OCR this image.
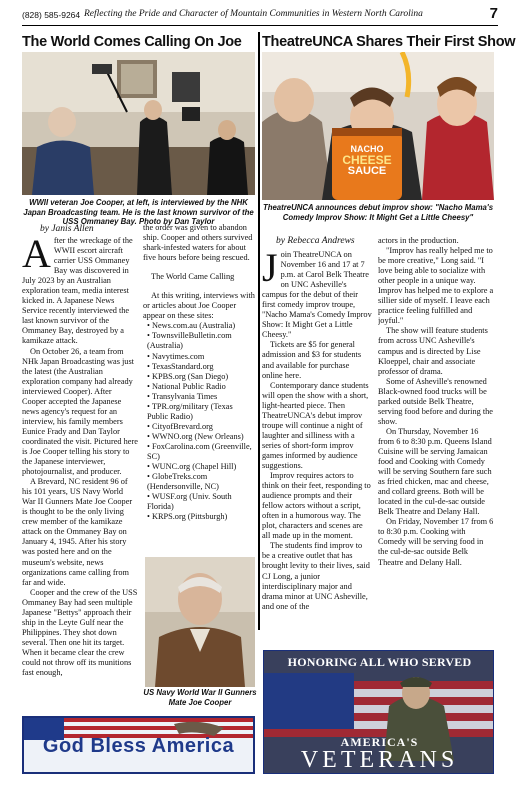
(828) 585-9264 Reflecting the Pride and Character of Mountain Communities in Western North Carolina	7
The World Comes Calling On Joe TheatreUNCA Shares Their First Show
WWII veteran Joe Cooper, at left, is interviewed by the NHK Japan Broadcasting team. He is the last known survivor of the USS Ommaney Bay. Photo by Dan Taylor
NACHO
CHEESE
SAUCE
TheatreUNCA announces debut improv show: "Nacho Mama's Comedy Improv Show: It Might Get a Little Cheesy"
by Janis Allen
A fter the wreckage of the WWII escort aircraft carrier USS Ommaney Bay was discovered in July 2023 by an Australian exploration team, media interest kicked in. A Japanese News Service recently interviewed the last known survivor of the Ommaney Bay, destroyed by a kamikaze attack.

On October 26, a team from NHk Japan Broadcasting was just the latest (the Australian exploration company had already interviewed Cooper). After Cooper accepted the Japanese news agency's request for an interview, his family members Eunice Frady and Dan Taylor coordinated the visit. Pictured here is Joe Cooper telling his story to the Japanese interviewer, photojournalist, and producer.

A Brevard, NC resident 96 of his 101 years, US Navy World War II Gunners Mate Joe Cooper is thought to be the only living crew member of the kamikaze attack on the Ommaney Bay on January 4, 1945. After his story was posted here and on the museum's website, news organizations came calling from far and wide.

Cooper and the crew of the USS Ommaney Bay had seen multiple Japanese "Bettys" approach their ship in the Leyte Gulf near the Philippines. They shot down several. Then one hit its target. When it became clear the crew could not throw off its munitions fast enough,

the order was given to abandon ship. Cooper and others survived shark-infested waters for about five hours before being rescued.

The World Came Calling

At this writing, interviews with or articles about Joe Cooper appear on these sites:

• News.com.au (Australia)
• TownsvilleBulletin.com (Australia)
• Navytimes.com
• TexasStandard.org
• KPBS.org (San Diego)
• National Public Radio
• Transylvania Times
• TPR.org/military (Texas Public Radio)
• CityofBrevard.org
• WWNO.org (New Orleans)
• FoxCarolina.com (Greenville, SC)
• WUNC.org (Chapel Hill)
• GlobeTreks.com (Hendersonville, NC)
• WUSF.org (Univ. South Florida)
• KRPS.org (Pittsburgh)
US Navy World War II Gunners Mate Joe Cooper
by Rebecca Andrews
J oin TheatreUNCA on November 16 and 17 at 7 p.m. at Carol Belk Theatre on UNC Asheville's campus for the debut of their first comedy improv troupe, "Nacho Mama's Comedy Improv Show: It Might Get a Little Cheesy."

Tickets are $5 for general admission and $3 for students and available for purchase online here.

Contemporary dance students will open the show with a short, light-hearted piece. Then TheatreUNCA's debut improv troupe will continue a night of laughter and silliness with a series of short-form improv games informed by audience suggestions.

Improv requires actors to think on their feet, responding to audience prompts and their fellow actors without a script, often in a humorous way. The plot, characters and scenes are all made up in the moment.

The students find improv to be a creative outlet that has brought levity to their lives, said CJ Long, a junior interdisciplinary major and drama minor at UNC Asheville, and one of the

actors in the production.

"Improv has really helped me to be more creative," Long said. "I love being able to socialize with other people in a unique way. Improv has helped me to explore a sillier side of myself. I leave each practice feeling fulfilled and joyful."

The show will feature students from across UNC Asheville's campus and is directed by Lise Kloeppel, chair and associate professor of drama.

Some of Asheville's renowned Black-owned food trucks will be parked outside Belk Theatre, serving food before and during the show.

On Thursday, November 16 from 6 to 8:30 p.m. Queens Island Cuisine will be serving Jamaican food and Cooking with Comedy will be serving Southern fare such as fried chicken, mac and cheese, and collard greens. Both will be located in the cul-de-sac outside Belk Theatre and Delany Hall.

On Friday, November 17 from 6 to 8:30 p.m. Cooking with Comedy will be serving food in the cul-de-sac outside Belk Theatre and Delany Hall.

HONORING ALL WHO SERVED
AMERICA'S
VETERANS
God Bless America
